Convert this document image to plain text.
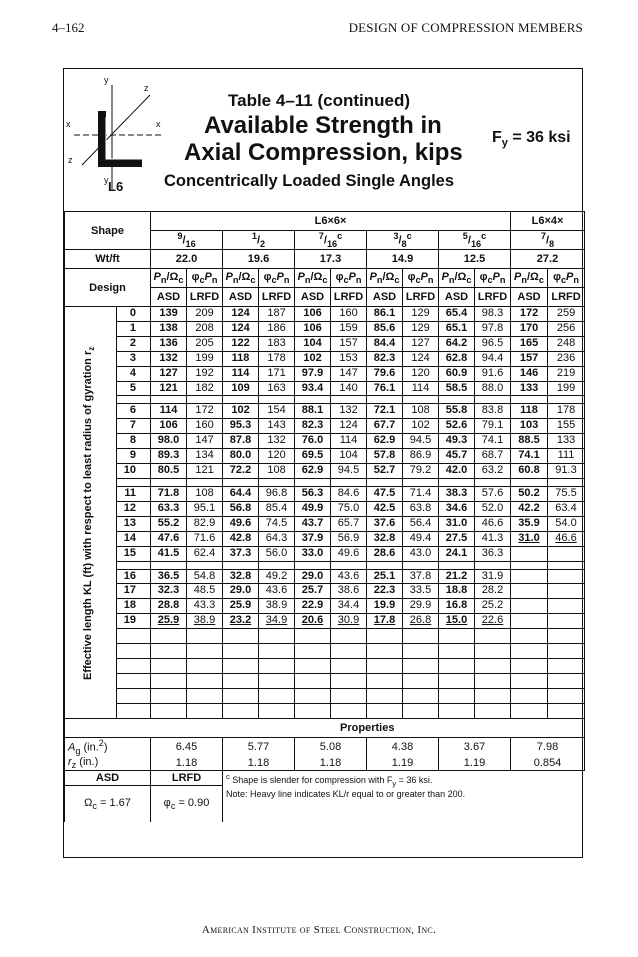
4–162	DESIGN OF COMPRESSION MEMBERS
y
z
x	x
z
y L6
Table 4–11 (continued)
Available Strength in
Axial Compression, kips
Concentrically Loaded Single Angles
$F_y = 36$ ksi
Shape		L6×6×										L6×4×	
		$^9/_{16}$		$^1/_2$		$^7/_{16}^c$		$^3/_8^c$		$^5/_{16}^c$		$^7/_8$
Wt/ft		22.0		19.6		17.3		14.9		12.5		27.2	
Design		$P_n/\Omega_c$	$\varphi_cP_n$	$P_n/\Omega_c$	$\varphi_cP_n$	$P_n/\Omega_c$	$\varphi_cP_n$	$P_n/\Omega_c$	$\varphi_cP_n$	$P_n/\Omega_c$	$\varphi_cP_n$	$P_n/\Omega_c$	$\varphi_cP_n$
		ASD	LRFD	ASD	LRFD	ASD	LRFD	ASD	LRFD	ASD	LRFD	ASD	LRFD
	0	139	209	124	187	106	160	86.1	129	65.4	98.3	172	259
	1	138	208	124	186	106	159	85.6	129	65.1	97.8	170	256
	2	136	205	122	183	104	157	84.4	127	64.2	96.5	165	248
	3	132	199	118	178	102	153	82.3	124	62.8	94.4	157	236
	4	127	192	114	171	97.9	147	79.6	120	60.9	91.6	146	219
	5	121	182	109	163	93.4	140	76.1	114	58.5	88.0	133	199

	6	114	172	102	154	88.1	132	72.1	108	55.8	83.8	118	178
	7	106	160	95.3	143	82.3	124	67.7	102	52.6	79.1	103	155
	8	98.0	147	87.8	132	76.0	114	62.9	94.5	49.3	74.1	88.5	133
	9	89.3	134	80.0	120	69.5	104	57.8	86.9	45.7	68.7	74.1	111
	10	80.5	121	72.2	108	62.9	94.5	52.7	79.2	42.0	63.2	60.8	91.3

	11	71.8	108	64.4	96.8	56.3	84.6	47.5	71.4	38.3	57.6	50.2	75.5
	12	63.3	95.1	56.8	85.4	49.9	75.0	42.5	63.8	34.6	52.0	42.2	63.4
	13	55.2	82.9	49.6	74.5	43.7	65.7	37.6	56.4	31.0	46.6	35.9	54.0
	14	47.6	71.6	42.8	64.3	37.9	56.9	32.8	49.4	27.5	41.3	31.0	46.6
	15	41.5	62.4	37.3	56.0	33.0	49.6	28.6	43.0	24.1	36.3		

	16	36.5	54.8	32.8	49.2	29.0	43.6	25.1	37.8	21.2	31.9		
	17	32.3	48.5	29.0	43.6	25.7	38.6	22.3	33.5	18.8	28.2		
	18	28.8	43.3	25.9	38.9	22.9	34.4	19.9	29.9	16.8	25.2		
	19	25.9	38.9	23.2	34.9	20.6	30.9	17.8	26.8	15.0	22.6		

		Properties											
$A_g$ (in.$^2$)		6.45		5.77		5.08		4.38		3.67		7.98	
$r_z$ (in.)		1.18		1.18		1.18		1.19		1.19		0.854	
ASD		LRFD		$^c$ Shape is slender for compression with $F_y = 36$ ksi.
Note: Heavy line indicates KL/r equal to or greater than 200.									

$\Omega_c = 1.67$		$\varphi_c = 0.90$											
Effective length KL (ft) with respect to least radius of gyration $r_z$
American Institute of Steel Construction, Inc.
